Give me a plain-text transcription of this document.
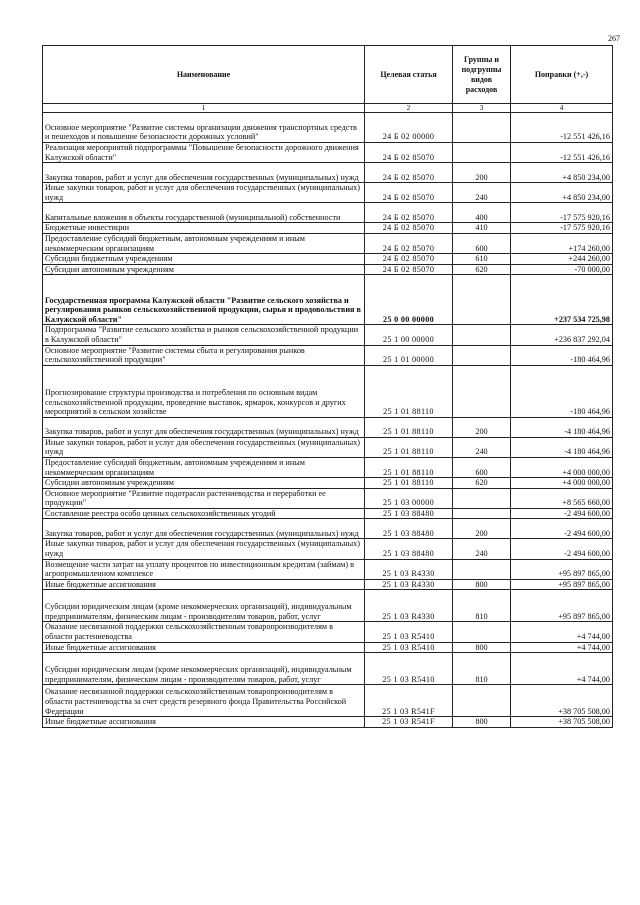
267
Наименование	Целевая статья	Группы и подгруппы видов расходов	Поправки (+,-)
1	2	3	4
Основное мероприятие "Развитие системы организации движения транспортных средств и пешеходов и повышение безопасности дорожных условий"	24 Б 02 00000		-12 551 426,16
Реализация мероприятий подпрограммы "Повышение безопасности дорожного движения Калужской области"	24 Б 02 85070		-12 551 426,16
Закупка товаров, работ и услуг для обеспечения государственных (муниципальных) нужд	24 Б 02 85070	200	+4 850 234,00
Иные закупки товаров, работ и услуг для обеспечения государственных (муниципальных) нужд	24 Б 02 85070	240	+4 850 234,00
Капитальные вложения в объекты государственной (муниципальной) собственности	24 Б 02 85070	400	-17 575 920,16
Бюджетные инвестиции	24 Б 02 85070	410	-17 575 920,16
Предоставление субсидий бюджетным, автономным учреждениям и иным некоммерческим организациям	24 Б 02 85070	600	+174 260,00
Субсидии бюджетным учреждениям	24 Б 02 85070	610	+244 260,00
Субсидии автономным учреждениям	24 Б 02 85070	620	-70 000,00
Государственная программа Калужской области "Развитие сельского хозяйства и регулирования рынков сельскохозяйственной продукции, сырья и продовольствия в Калужской области"	25 0 00 00000		+237 534 725,98
Подпрограмма "Развитие сельского хозяйства и рынков сельскохозяйственной продукции в Калужской области"	25 1 00 00000		+236 837 292,04
Основное мероприятие "Развитие системы сбыта и регулирования рынков сельскохозяйственной продукции"	25 1 01 00000		-180 464,96
Прогнозирование структуры производства и потребления по основным видам сельскохозяйственной продукции, проведение выставок, ярмарок, конкурсов и других мероприятий в сельском хозяйстве	25 1 01 88110		-180 464,96
Закупка товаров, работ и услуг для обеспечения государственных (муниципальных) нужд	25 1 01 88110	200	-4 180 464,96
Иные закупки товаров, работ и услуг для обеспечения государственных (муниципальных) нужд	25 1 01 88110	240	-4 180 464,96
Предоставление субсидий бюджетным, автономным учреждениям и иным некоммерческим организациям	25 1 01 88110	600	+4 000 000,00
Субсидии автономным учреждениям	25 1 01 88110	620	+4 000 000,00
Основное мероприятие "Развитие подотрасли растениеводства и переработки ее продукции"	25 1 03 00000		+8 565 660,00
Составление реестра особо ценных сельскохозяйственных угодий	25 1 03 88480		-2 494 600,00
Закупка товаров, работ и услуг для обеспечения государственных (муниципальных) нужд	25 1 03 88480	200	-2 494 600,00
Иные закупки товаров, работ и услуг для обеспечения государственных (муниципальных) нужд	25 1 03 88480	240	-2 494 600,00
Возмещение части затрат на уплату процентов по инвестиционным кредитам (займам) в агропромышленном комплексе	25 1 03 R4330		+95 897 865,00
Иные бюджетные ассигнования	25 1 03 R4330	800	+95 897 865,00
Субсидии юридическим лицам (кроме некоммерческих организаций), индивидуальным предпринимателям, физическим лицам - производителям товаров, работ, услуг	25 1 03 R4330	810	+95 897 865,00
Оказание несвязанной поддержки сельскохозяйственным товаропроизводителям в области растениеводства	25 1 03 R5410		+4 744,00
Иные бюджетные ассигнования	25 1 03 R5410	800	+4 744,00
Субсидии юридическим лицам (кроме некоммерческих организаций), индивидуальным предпринимателям, физическим лицам - производителям товаров, работ, услуг	25 1 03 R5410	810	+4 744,00
Оказание несвязанной поддержки сельскохозяйственным товаропроизводителям в области растениеводства за счет средств резервного фонда Правительства Российской Федерации	25 1 03 R541F		+38 705 508,00
Иные бюджетные ассигнования	25 1 03 R541F	800	+38 705 508,00
